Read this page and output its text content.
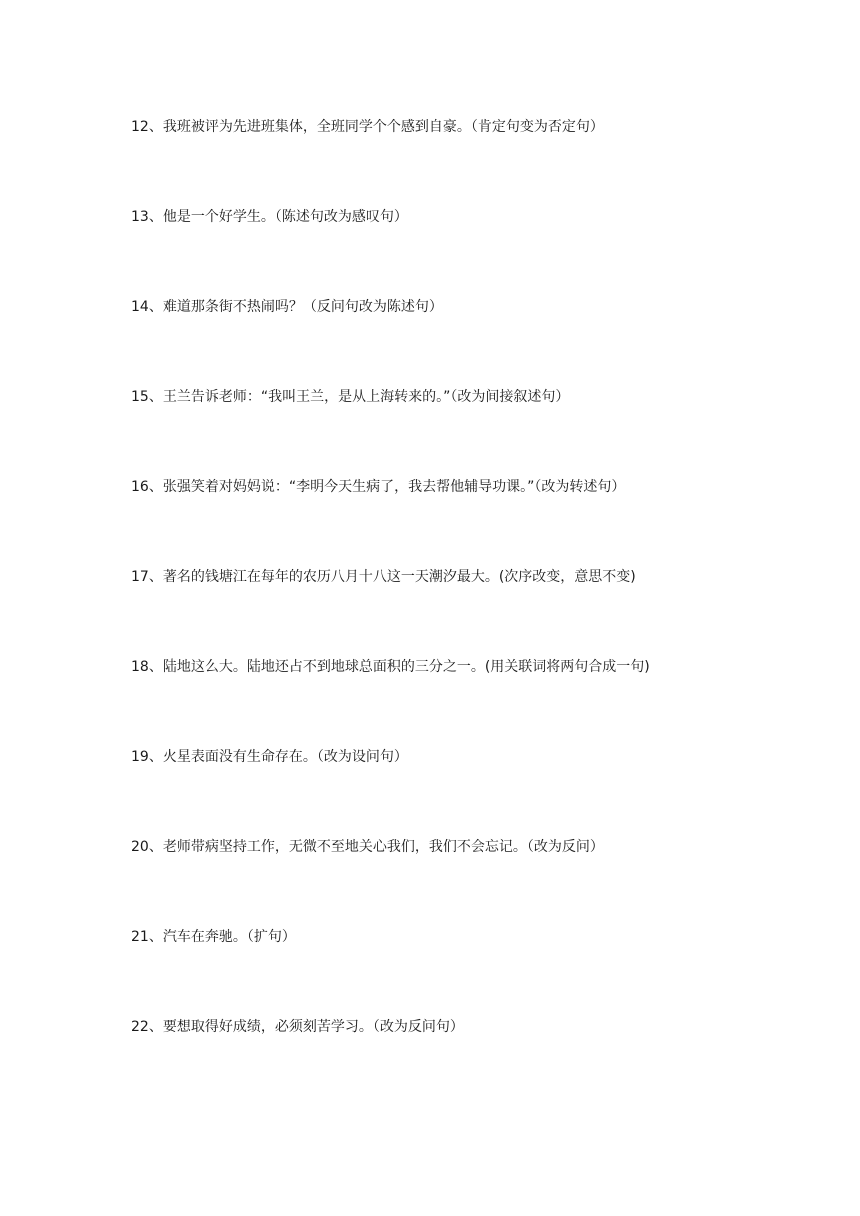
12、我班被评为先进班集体，全班同学个个感到自豪。（肯定句变为否定句）
13、他是一个好学生。（陈述句改为感叹句）
14、难道那条街不热闹吗？（反问句改为陈述句）
15、王兰告诉老师：“我叫王兰，是从上海转来的。”（改为间接叙述句）
16、张强笑着对妈妈说：“李明今天生病了，我去帮他辅导功课。”（改为转述句）
17、著名的钱塘江在每年的农历八月十八这一天潮汐最大。(次序改变，意思不变)
18、陆地这么大。陆地还占不到地球总面积的三分之一。(用关联词将两句合成一句)
19、火星表面没有生命存在。（改为设问句）
20、老师带病坚持工作，无微不至地关心我们，我们不会忘记。（改为反问）
21、汽车在奔驰。（扩句）
22、要想取得好成绩，必须刻苦学习。（改为反问句）
